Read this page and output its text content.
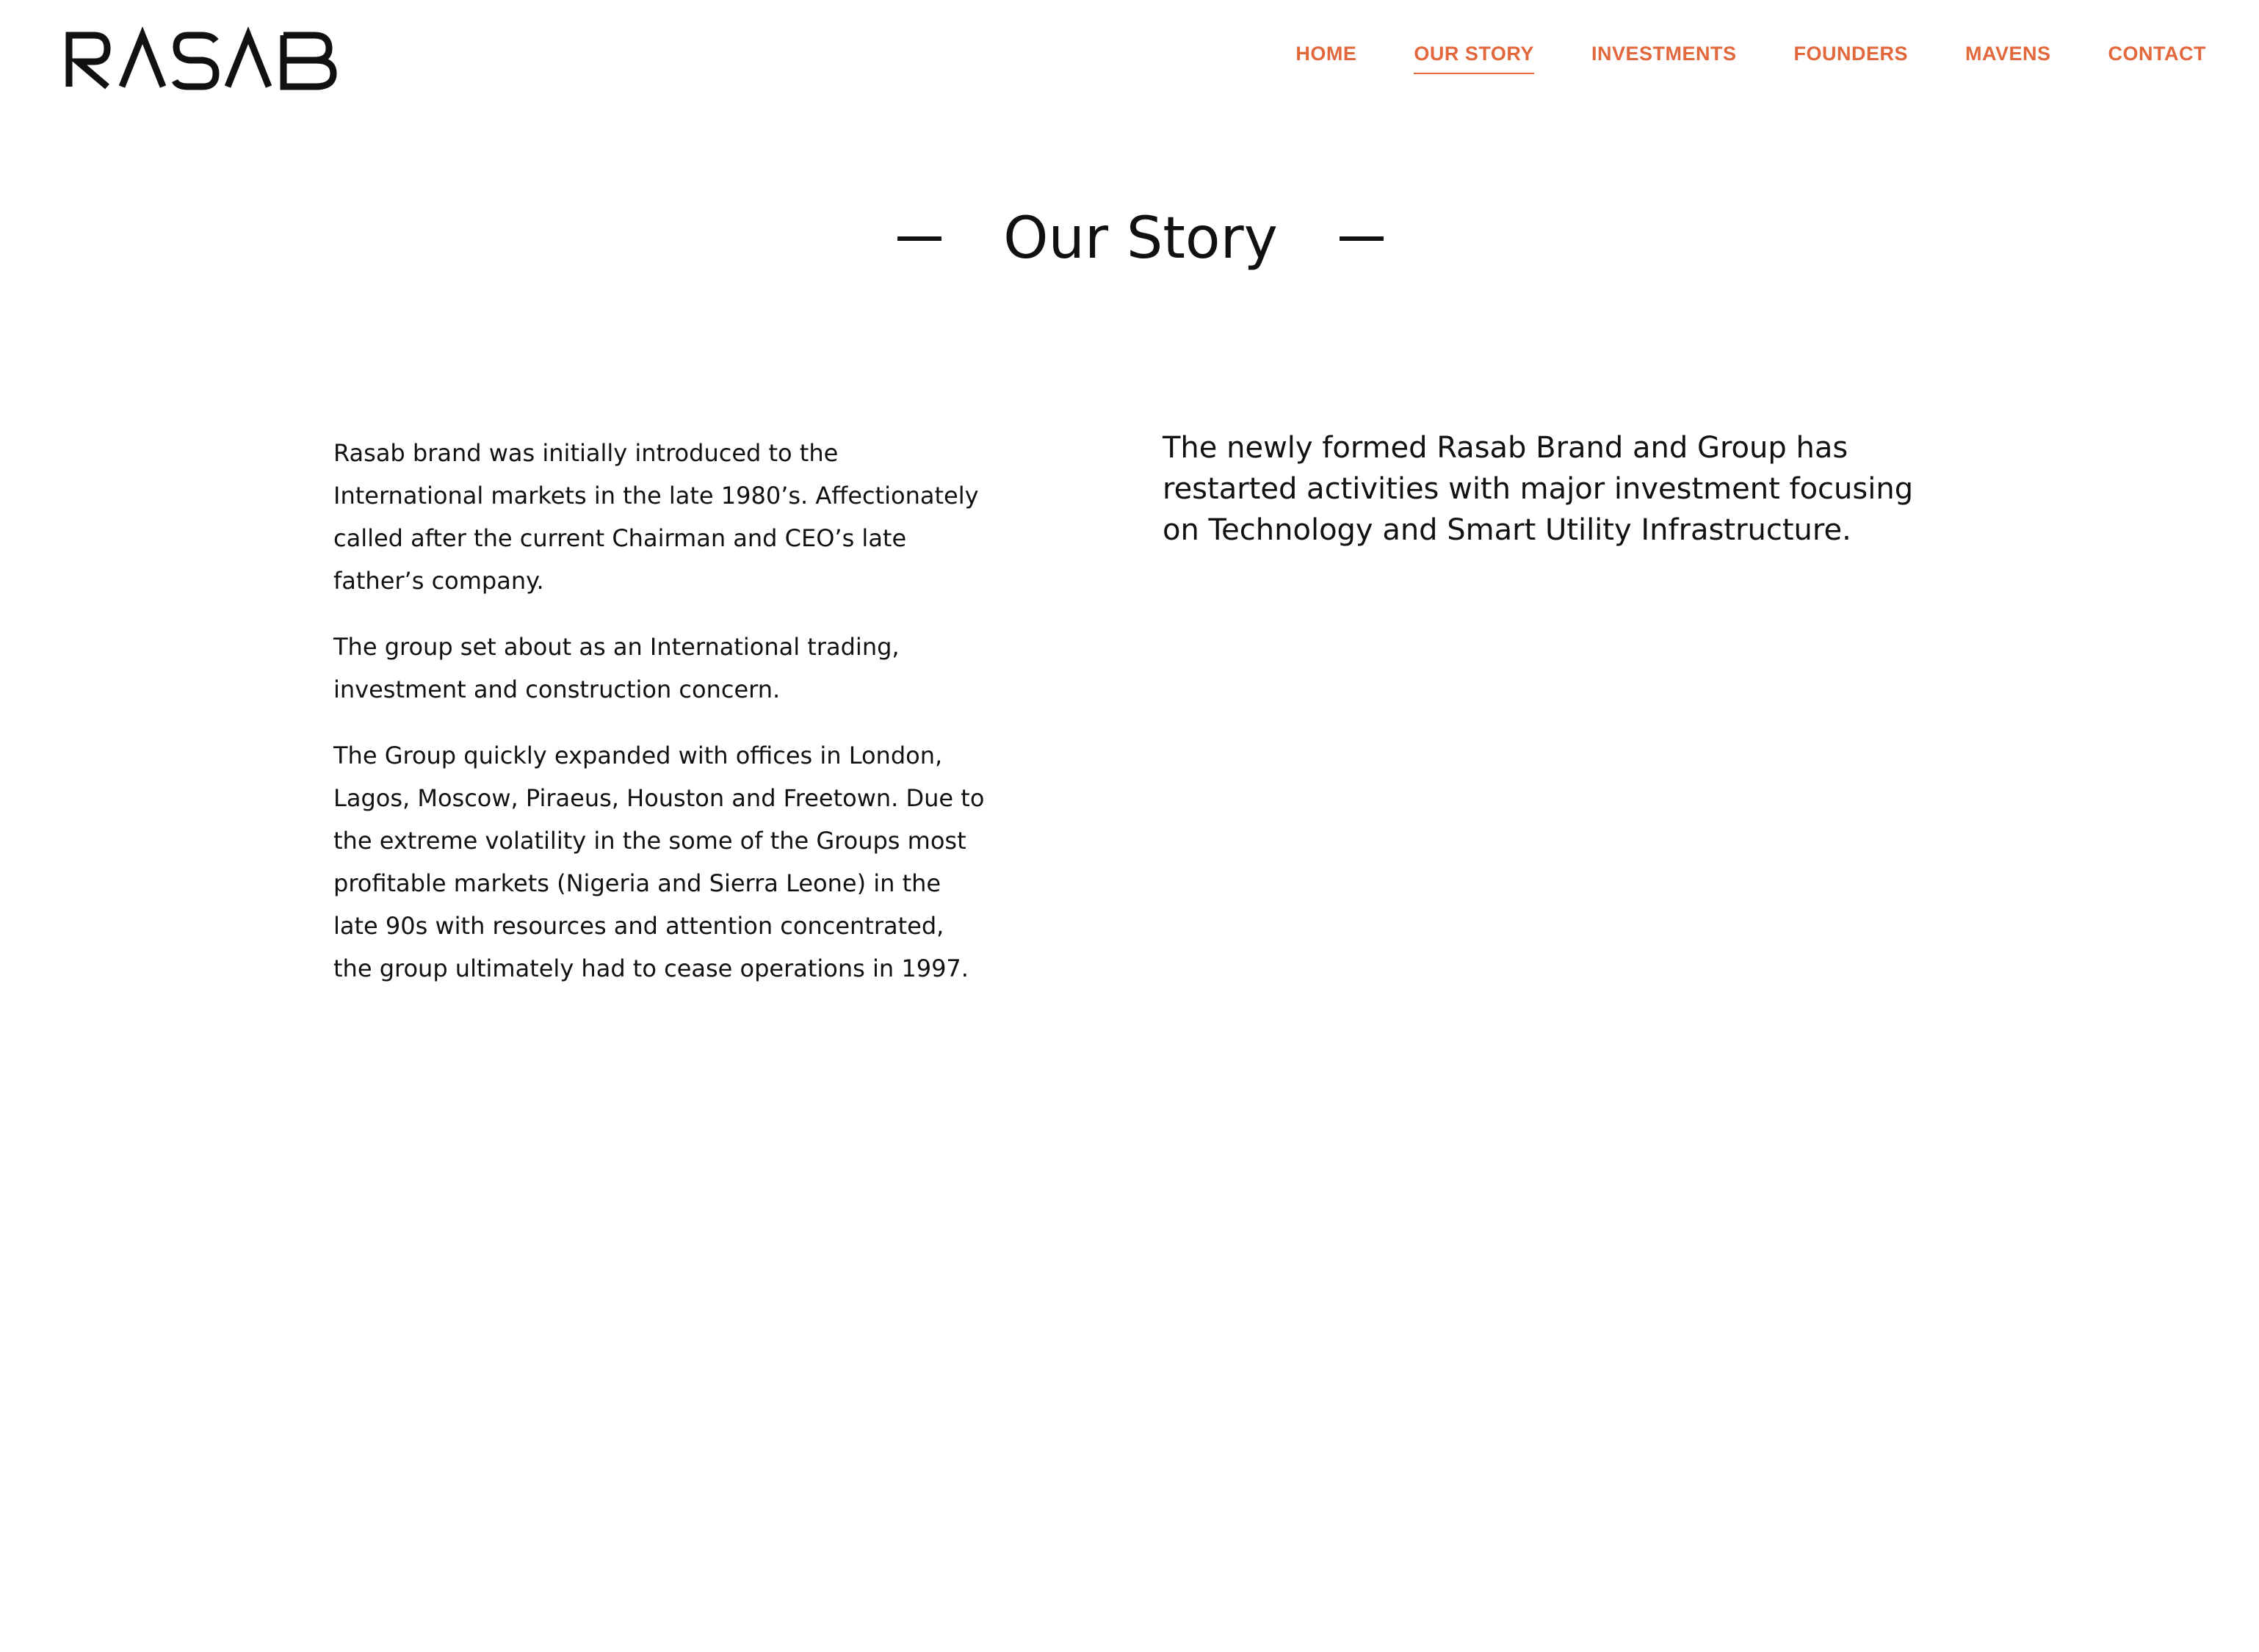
HOME	OUR STORY	INVESTMENTS	FOUNDERS	MAVENS	CONTACT
Our Story

Rasab brand was initially introduced to the International markets in the late 1980’s. Affectionately called after the current Chairman and CEO’s late father’s company.

The group set about as an International trading, investment and construction concern.

The Group quickly expanded with offices in London, Lagos, Moscow, Piraeus, Houston and Freetown. Due to the extreme volatility in the some of the Groups most profitable markets (Nigeria and Sierra Leone) in the late 90s with resources and attention concentrated, the group ultimately had to cease operations in 1997.

The newly formed Rasab Brand and Group has restarted activities with major investment focusing on Technology and Smart Utility Infrastructure.
